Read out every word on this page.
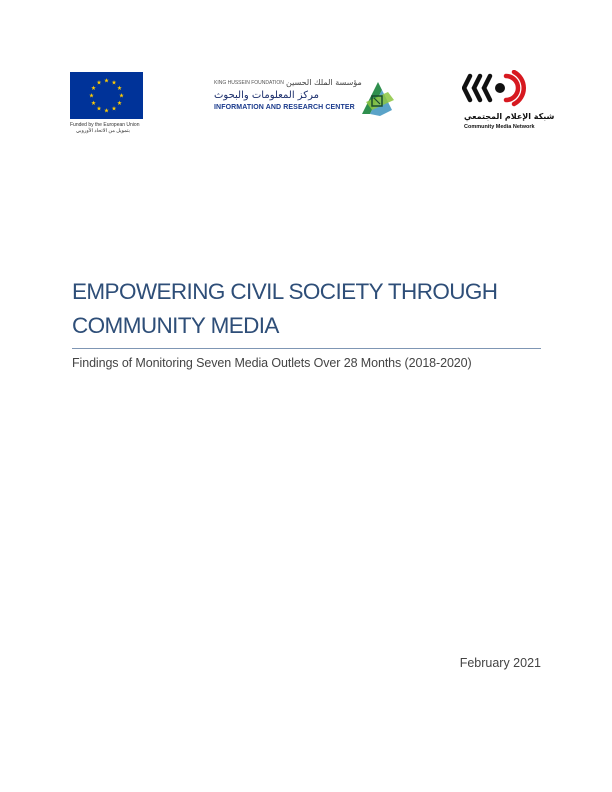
Funded by the European Union
بتمويل من الاتحاد الأوروبي
KING HUSSEIN FOUNDATION مؤسسة الملك الحسين
مركز المعلومات والبحوث
INFORMATION AND RESEARCH CENTER
شبكة الإعلام المجتمعي
Community Media Network
EMPOWERING CIVIL SOCIETY THROUGH
COMMUNITY MEDIA
Findings of Monitoring Seven Media Outlets Over 28 Months (2018-2020)
February 2021
